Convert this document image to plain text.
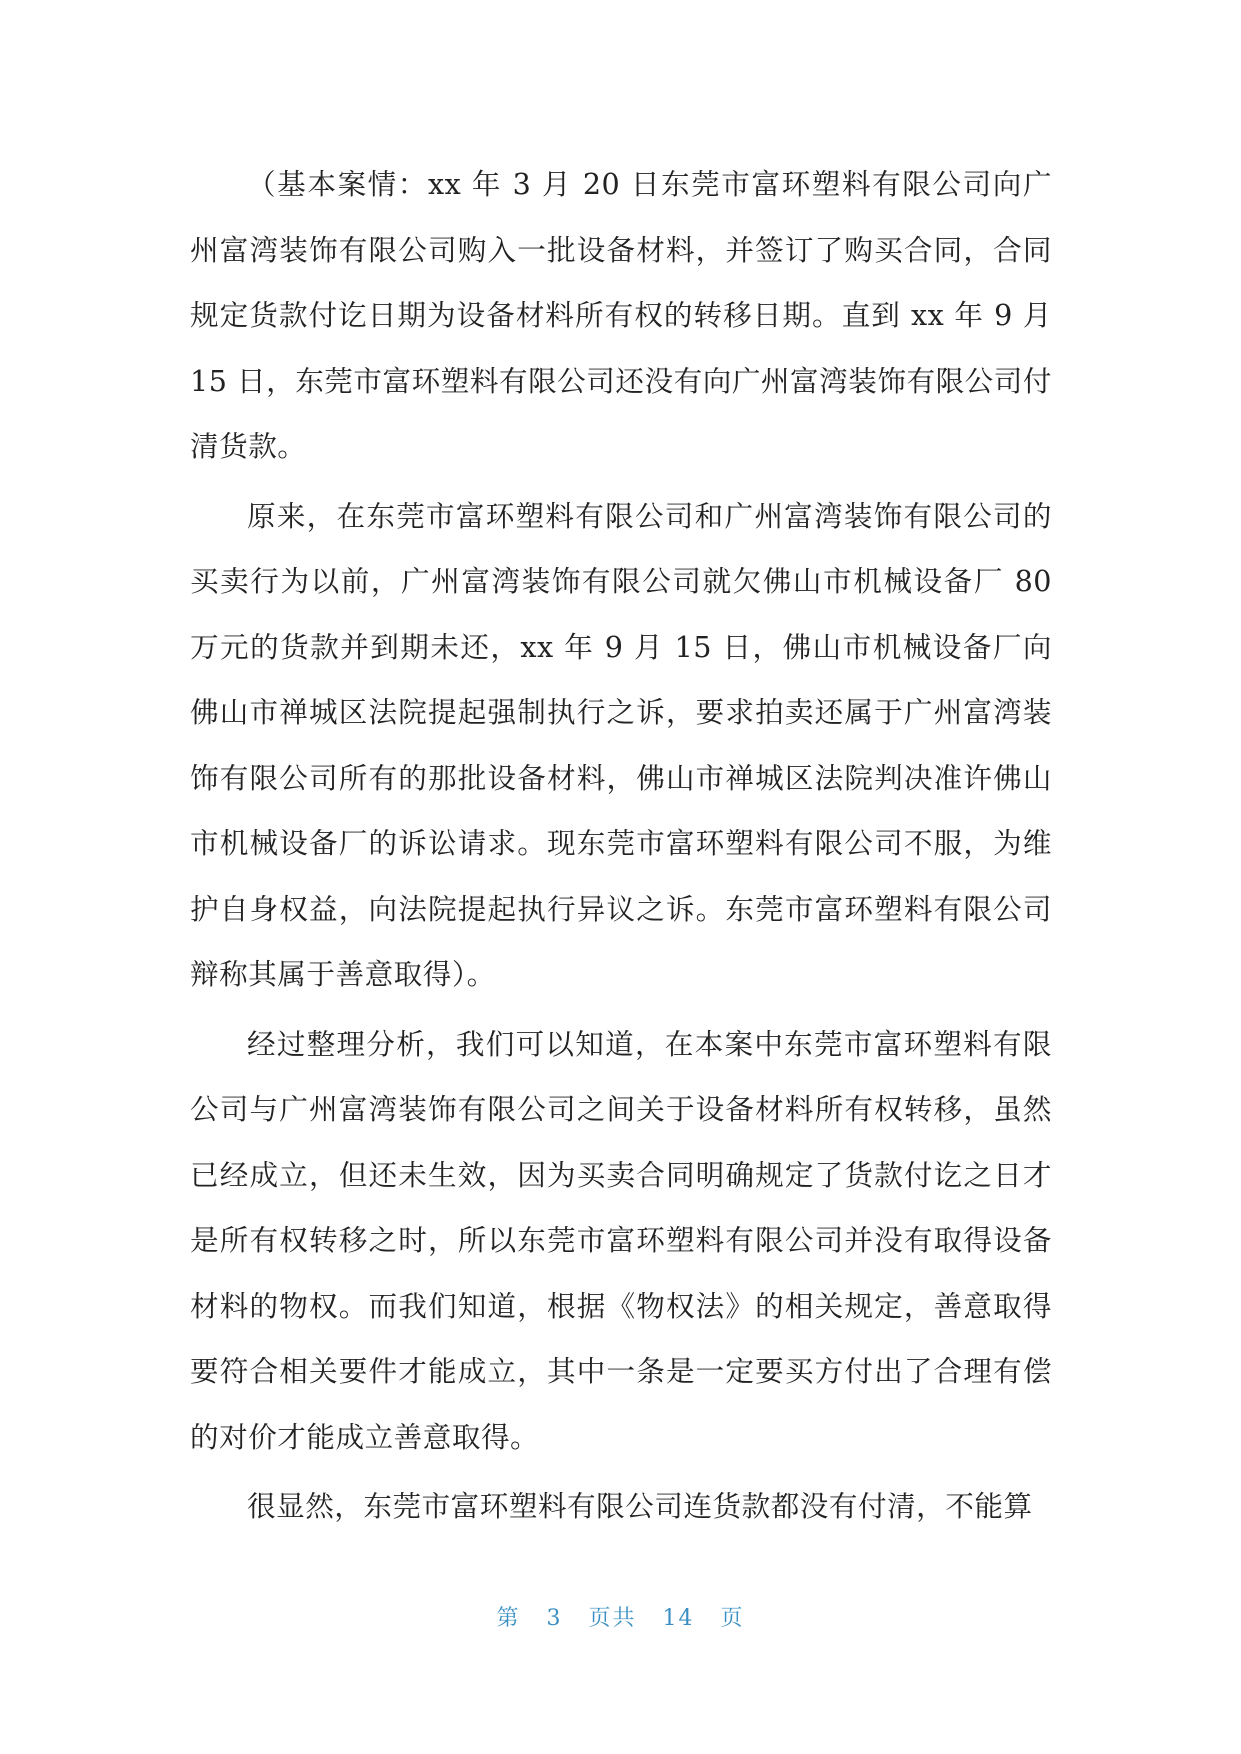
（基本案情：xx 年 3 月 20 日东莞市富环塑料有限公司向广州富湾装饰有限公司购入一批设备材料，并签订了购买合同，合同规定货款付讫日期为设备材料所有权的转移日期。直到 xx 年 9 月 15 日，东莞市富环塑料有限公司还没有向广州富湾装饰有限公司付清货款。

原来，在东莞市富环塑料有限公司和广州富湾装饰有限公司的买卖行为以前，广州富湾装饰有限公司就欠佛山市机械设备厂 80 万元的货款并到期未还，xx 年 9 月 15 日，佛山市机械设备厂向佛山市禅城区法院提起强制执行之诉，要求拍卖还属于广州富湾装饰有限公司所有的那批设备材料，佛山市禅城区法院判决准许佛山市机械设备厂的诉讼请求。现东莞市富环塑料有限公司不服，为维护自身权益，向法院提起执行异议之诉。东莞市富环塑料有限公司辩称其属于善意取得）。

经过整理分析，我们可以知道，在本案中东莞市富环塑料有限公司与广州富湾装饰有限公司之间关于设备材料所有权转移，虽然已经成立，但还未生效，因为买卖合同明确规定了货款付讫之日才是所有权转移之时，所以东莞市富环塑料有限公司并没有取得设备材料的物权。而我们知道，根据《物权法》的相关规定，善意取得要符合相关要件才能成立，其中一条是一定要买方付出了合理有偿的对价才能成立善意取得。

很显然，东莞市富环塑料有限公司连货款都没有付清，不能算

第 3 页共 14 页
